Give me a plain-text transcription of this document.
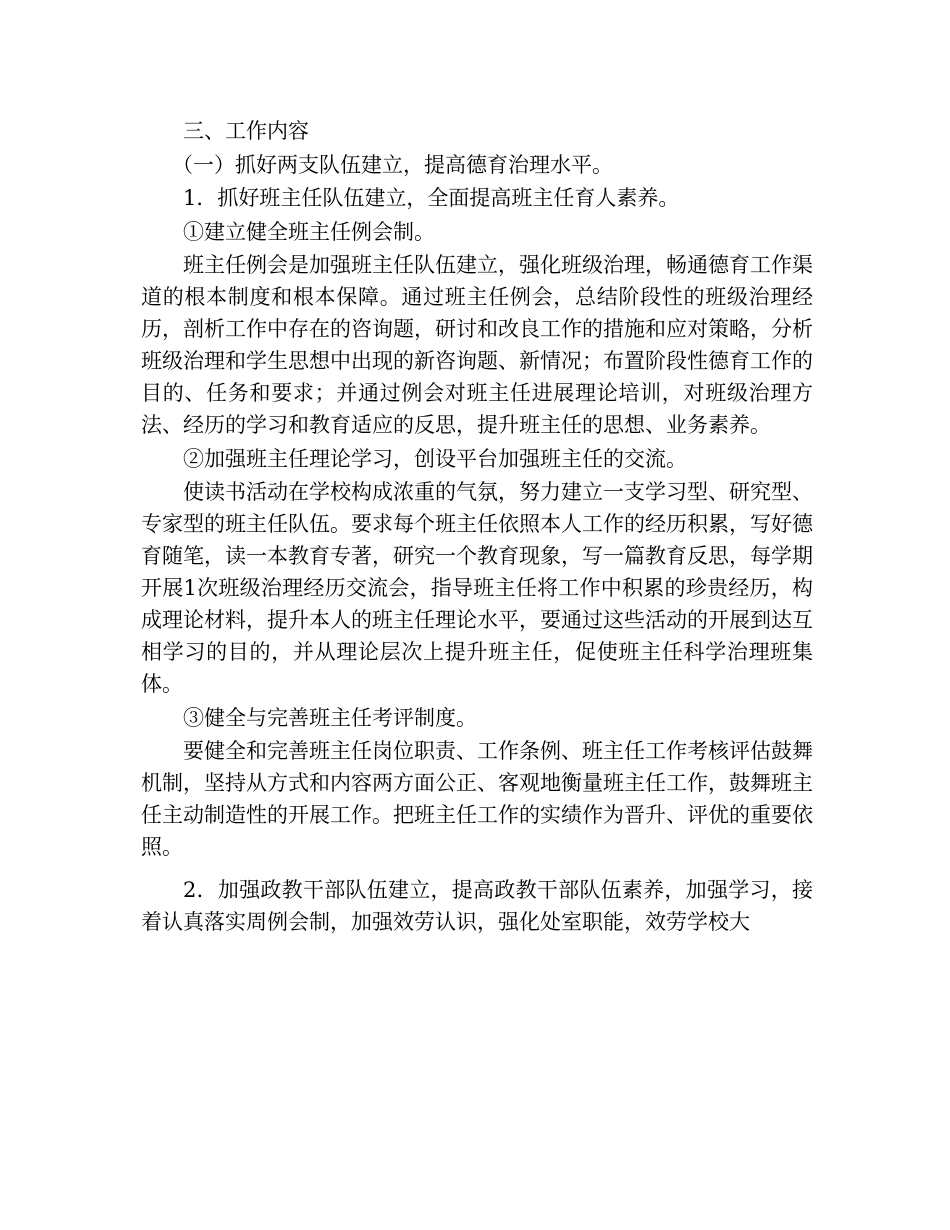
三、工作内容

（一）抓好两支队伍建立，提高德育治理水平。

1．抓好班主任队伍建立，全面提高班主任育人素养。

①建立健全班主任例会制。

班主任例会是加强班主任队伍建立，强化班级治理，畅通德育工作渠道的根本制度和根本保障。通过班主任例会，总结阶段性的班级治理经历，剖析工作中存在的咨询题，研讨和改良工作的措施和应对策略，分析班级治理和学生思想中出现的新咨询题、新情况；布置阶段性德育工作的目的、任务和要求；并通过例会对班主任进展理论培训，对班级治理方法、经历的学习和教育适应的反思，提升班主任的思想、业务素养。

②加强班主任理论学习，创设平台加强班主任的交流。

使读书活动在学校构成浓重的气氛，努力建立一支学习型、研究型、专家型的班主任队伍。要求每个班主任依照本人工作的经历积累，写好德育随笔，读一本教育专著，研究一个教育现象，写一篇教育反思，每学期开展1次班级治理经历交流会，指导班主任将工作中积累的珍贵经历，构成理论材料，提升本人的班主任理论水平，要通过这些活动的开展到达互相学习的目的，并从理论层次上提升班主任，促使班主任科学治理班集体。

③健全与完善班主任考评制度。

要健全和完善班主任岗位职责、工作条例、班主任工作考核评估鼓舞机制，坚持从方式和内容两方面公正、客观地衡量班主任工作，鼓舞班主任主动制造性的开展工作。把班主任工作的实绩作为晋升、评优的重要依照。

2．加强政教干部队伍建立，提高政教干部队伍素养，加强学习，接着认真落实周例会制，加强效劳认识，强化处室职能，效劳学校大
